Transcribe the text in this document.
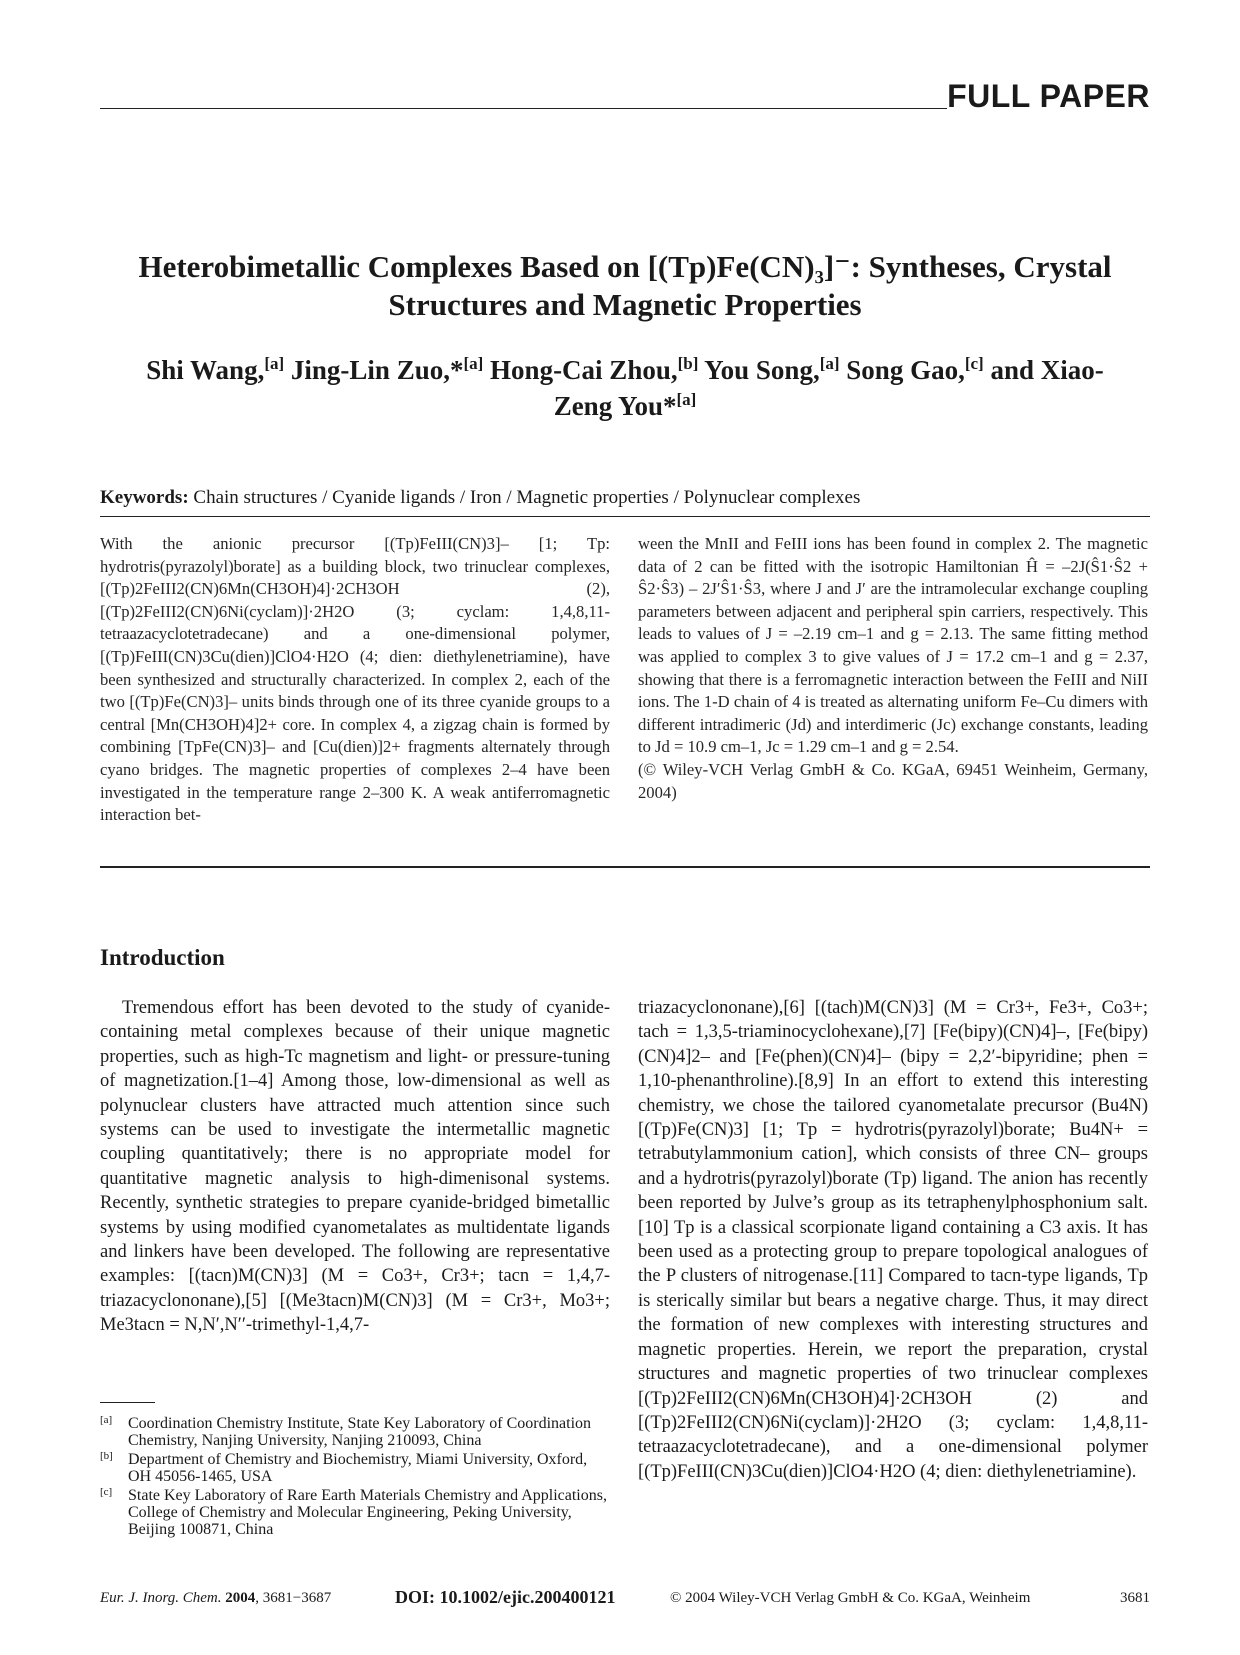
FULL PAPER
Heterobimetallic Complexes Based on [(Tp)Fe(CN)₃]⁻: Syntheses, Crystal
Structures and Magnetic Properties
Shi Wang,[a] Jing-Lin Zuo,*[a] Hong-Cai Zhou,[b] You Song,[a] Song Gao,[c] and Xiao-
Zeng You*[a]
Keywords: Chain structures / Cyanide ligands / Iron / Magnetic properties / Polynuclear complexes

With the anionic precursor [(Tp)FeIII(CN)3]– [1; Tp: hydrotris(pyrazolyl)borate] as a building block, two trinuclear complexes, [(Tp)2FeIII2(CN)6Mn(CH3OH)4]·2CH3OH (2), [(Tp)2FeIII2(CN)6Ni(cyclam)]·2H2O (3; cyclam: 1,4,8,11-tetraazacyclotetradecane) and a one-dimensional polymer, [(Tp)FeIII(CN)3Cu(dien)]ClO4·H2O (4; dien: diethylenetriamine), have been synthesized and structurally characterized. In complex 2, each of the two [(Tp)Fe(CN)3]– units binds through one of its three cyanide groups to a central [Mn(CH3OH)4]2+ core. In complex 4, a zigzag chain is formed by combining [TpFe(CN)3]– and [Cu(dien)]2+ fragments alternately through cyano bridges. The magnetic properties of complexes 2–4 have been investigated in the temperature range 2–300 K. A weak antiferromagnetic interaction bet-

ween the MnII and FeIII ions has been found in complex 2. The magnetic data of 2 can be fitted with the isotropic Hamiltonian Ĥ = –2J(Ŝ1·Ŝ2 + Ŝ2·Ŝ3) – 2J′Ŝ1·Ŝ3, where J and J′ are the intramolecular exchange coupling parameters between adjacent and peripheral spin carriers, respectively. This leads to values of J = –2.19 cm–1 and g = 2.13. The same fitting method was applied to complex 3 to give values of J = 17.2 cm–1 and g = 2.37, showing that there is a ferromagnetic interaction between the FeIII and NiII ions. The 1-D chain of 4 is treated as alternating uniform Fe–Cu dimers with different intradimeric (Jd) and interdimeric (Jc) exchange constants, leading to Jd = 10.9 cm–1, Jc = 1.29 cm–1 and g = 2.54.

(© Wiley-VCH Verlag GmbH & Co. KGaA, 69451 Weinheim, Germany, 2004)

Introduction

Tremendous effort has been devoted to the study of cyanide-containing metal complexes because of their unique magnetic properties, such as high-Tc magnetism and light- or pressure-tuning of magnetization.[1–4] Among those, low-dimensional as well as polynuclear clusters have attracted much attention since such systems can be used to investigate the intermetallic magnetic coupling quantitatively; there is no appropriate model for quantitative magnetic analysis to high-dimenisonal systems. Recently, synthetic strategies to prepare cyanide-bridged bimetallic systems by using modified cyanometalates as multidentate ligands and linkers have been developed. The following are representative examples: [(tacn)M(CN)3] (M = Co3+, Cr3+; tacn = 1,4,7-triazacyclononane),[5] [(Me3tacn)M(CN)3] (M = Cr3+, Mo3+; Me3tacn = N,N′,N′′-trimethyl-1,4,7-

triazacyclononane),[6] [(tach)M(CN)3] (M = Cr3+, Fe3+, Co3+; tach = 1,3,5-triaminocyclohexane),[7] [Fe(bipy)(CN)4]–, [Fe(bipy)(CN)4]2– and [Fe(phen)(CN)4]– (bipy = 2,2′-bipyridine; phen = 1,10-phenanthroline).[8,9] In an effort to extend this interesting chemistry, we chose the tailored cyanometalate precursor (Bu4N)[(Tp)Fe(CN)3] [1; Tp = hydrotris(pyrazolyl)borate; Bu4N+ = tetrabutylammonium cation], which consists of three CN– groups and a hydrotris(pyrazolyl)borate (Tp) ligand. The anion has recently been reported by Julve’s group as its tetraphenylphosphonium salt.[10] Tp is a classical scorpionate ligand containing a C3 axis. It has been used as a protecting group to prepare topological analogues of the P clusters of nitrogenase.[11] Compared to tacn-type ligands, Tp is sterically similar but bears a negative charge. Thus, it may direct the formation of new complexes with interesting structures and magnetic properties. Herein, we report the preparation, crystal structures and magnetic properties of two trinuclear complexes [(Tp)2FeIII2(CN)6Mn(CH3OH)4]·2CH3OH (2) and [(Tp)2FeIII2(CN)6Ni(cyclam)]·2H2O (3; cyclam: 1,4,8,11-tetraazacyclotetradecane), and a one-dimensional polymer [(Tp)FeIII(CN)3Cu(dien)]ClO4·H2O (4; dien: diethylenetriamine).

[a] Coordination Chemistry Institute, State Key Laboratory of Coordination Chemistry, Nanjing University, Nanjing 210093, China
[b] Department of Chemistry and Biochemistry, Miami University, Oxford, OH 45056-1465, USA
[c] State Key Laboratory of Rare Earth Materials Chemistry and Applications, College of Chemistry and Molecular Engineering, Peking University, Beijing 100871, China
Eur. J. Inorg. Chem. 2004, 3681−3687	DOI: 10.1002/ejic.200400121	© 2004 Wiley-VCH Verlag GmbH & Co. KGaA, Weinheim	3681
